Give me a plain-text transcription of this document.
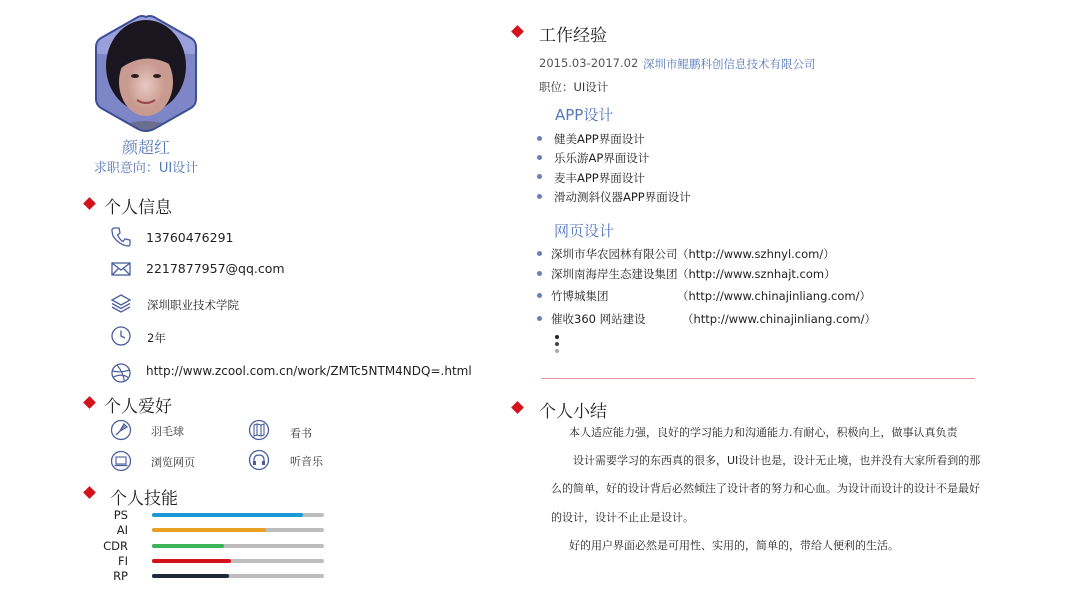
颜超红
求职意向：UI设计
个人信息
13760476291
2217877957@qq.com
深圳职业技术学院
2年
http://www.zcool.com.cn/work/ZMTc5NTM4NDQ=.html
个人爱好
羽毛球	看书
浏览网页	听音乐
个人技能
PS
AI
CDR
FI
RP
工作经验
2015.03-2017.02 深圳市鲲鹏科创信息技术有限公司
职位：UI设计
APP设计
健美APP界面设计
乐乐游AP界面设计
麦丰APP界面设计
滑动测斜仪器APP界面设计
网页设计
深圳市华农园林有限公司 （http://www.szhnyl.com/）
深圳南海岸生态建设集团 （http://www.sznhajt.com）
竹博城集团	（http://www.chinajinliang.com/）
催收360 网站建设	（http://www.chinajinliang.com/）
个人小结
本人适应能力强，良好的学习能力和沟通能力.有耐心，积极向上，做事认真负责
设计需要学习的东西真的很多，UI设计也是，设计无止境，也并没有大家所看到的那
么的简单，好的设计背后必然倾注了设计者的努力和心血。为设计而设计的设计不是最好
的设计，设计不止止是设计。
好的用户界面必然是可用性、实用的，简单的，带给人便利的生活。
